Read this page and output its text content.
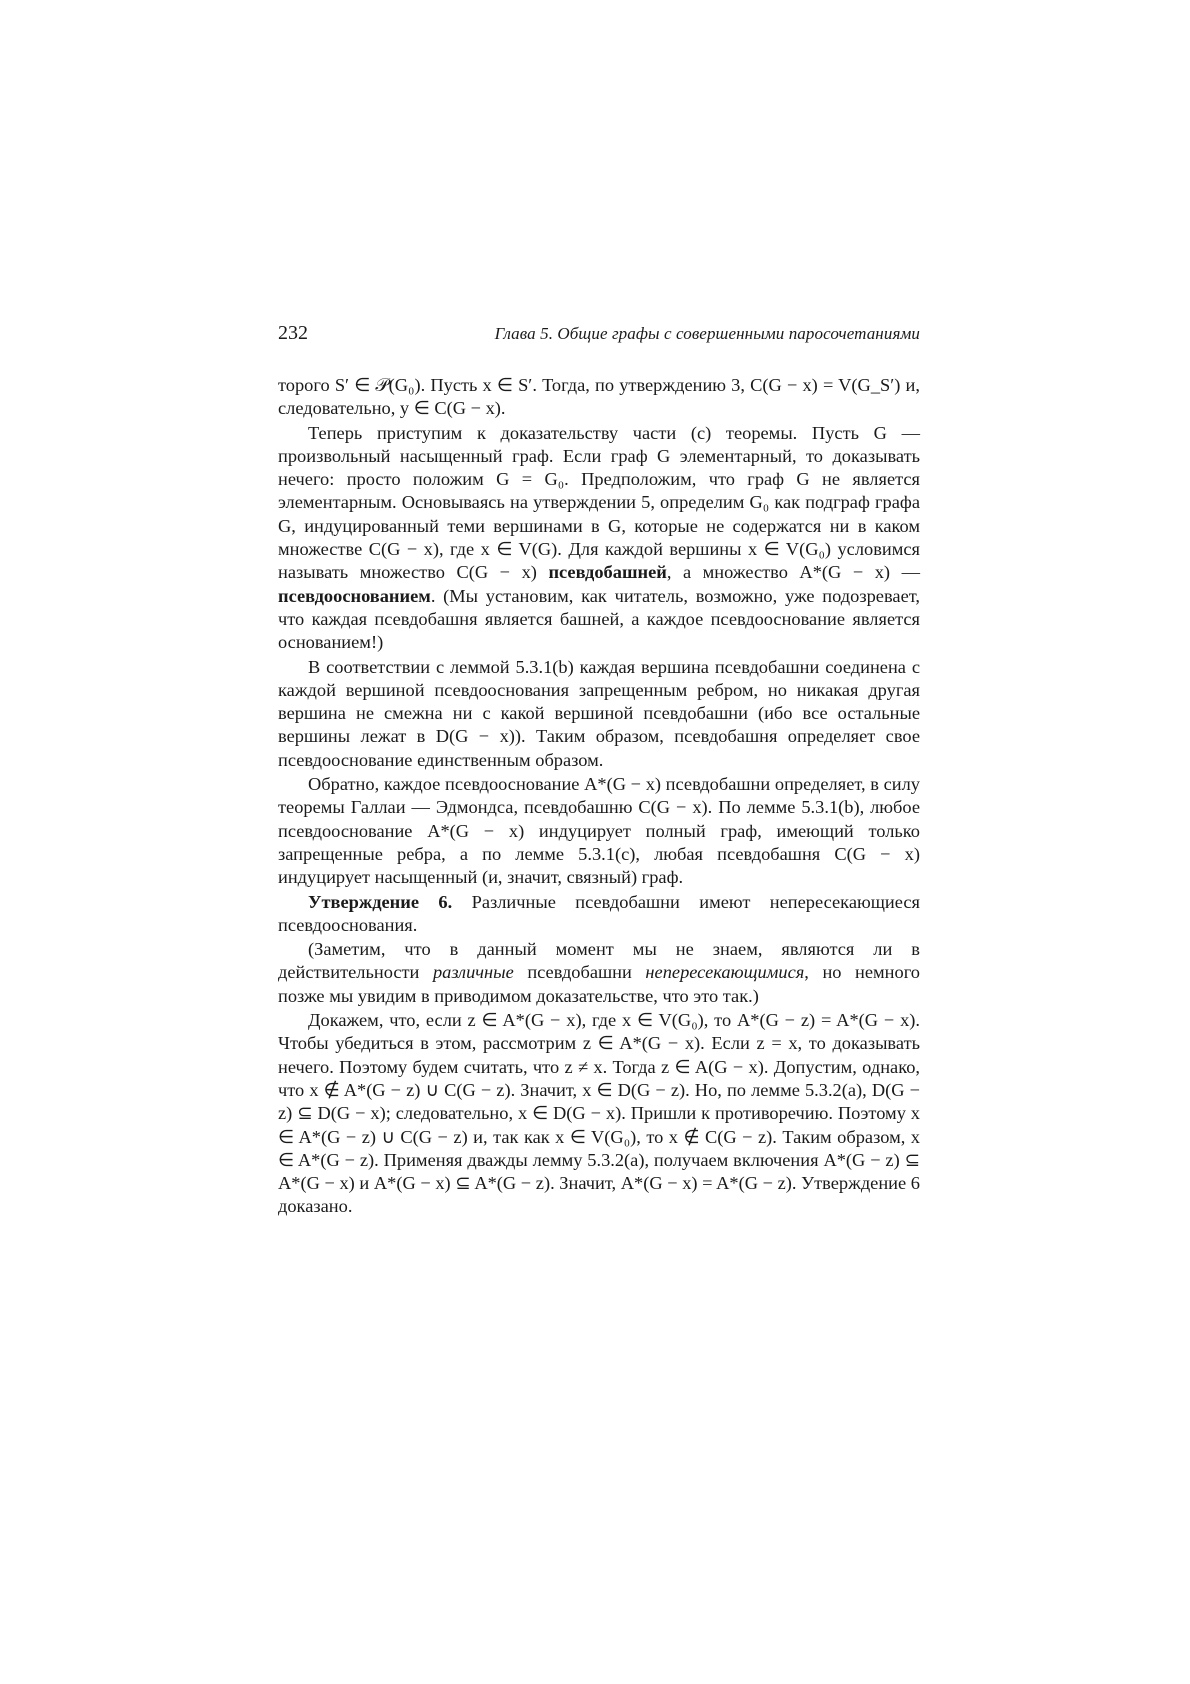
232	Глава 5. Общие графы с совершенными паросочетаниями

торого S′ ∈ 𝒫(G₀). Пусть x ∈ S′. Тогда, по утверждению 3, C(G − x) = V(G_S′) и, следовательно, y ∈ C(G − x).

Теперь приступим к доказательству части (c) теоремы. Пусть G — произвольный насыщенный граф. Если граф G элементарный, то доказывать нечего: просто положим G = G₀. Предположим, что граф G не является элементарным. Основываясь на утверждении 5, определим G₀ как подграф графа G, индуцированный теми вершинами в G, которые не содержатся ни в каком множестве C(G − x), где x ∈ V(G). Для каждой вершины x ∈ V(G₀) условимся называть множество C(G − x) псевдобашней, а множество A*(G − x) — псевдооснованием. (Мы установим, как читатель, возможно, уже подозревает, что каждая псевдобашня является башней, а каждое псевдооснование является основанием!)

В соответствии с леммой 5.3.1(b) каждая вершина псевдобашни соединена с каждой вершиной псевдооснования запрещенным ребром, но никакая другая вершина не смежна ни с какой вершиной псевдобашни (ибо все остальные вершины лежат в D(G − x)). Таким образом, псевдобашня определяет свое псевдооснование единственным образом.

Обратно, каждое псевдооснование A*(G − x) псевдобашни определяет, в силу теоремы Галлаи — Эдмондса, псевдобашню C(G − x). По лемме 5.3.1(b), любое псевдооснование A*(G − x) индуцирует полный граф, имеющий только запрещенные ребра, а по лемме 5.3.1(c), любая псевдобашня C(G − x) индуцирует насыщенный (и, значит, связный) граф.

Утверждение 6. Различные псевдобашни имеют непересекающиеся псевдооснования.

(Заметим, что в данный момент мы не знаем, являются ли в действительности различные псевдобашни непересекающимися, но немного позже мы увидим в приводимом доказательстве, что это так.)

Докажем, что, если z ∈ A*(G − x), где x ∈ V(G₀), то A*(G − z) = A*(G − x). Чтобы убедиться в этом, рассмотрим z ∈ A*(G − x). Если z = x, то доказывать нечего. Поэтому будем считать, что z ≠ x. Тогда z ∈ A(G − x). Допустим, однако, что x ∉ A*(G − z) ∪ C(G − z). Значит, x ∈ D(G − z). Но, по лемме 5.3.2(a), D(G − z) ⊆ D(G − x); следовательно, x ∈ D(G − x). Пришли к противоречию. Поэтому x ∈ A*(G − z) ∪ C(G − z) и, так как x ∈ V(G₀), то x ∉ C(G − z). Таким образом, x ∈ A*(G − z). Применяя дважды лемму 5.3.2(a), получаем включения A*(G − z) ⊆ A*(G − x) и A*(G − x) ⊆ A*(G − z). Значит, A*(G − x) = A*(G − z). Утверждение 6 доказано.
